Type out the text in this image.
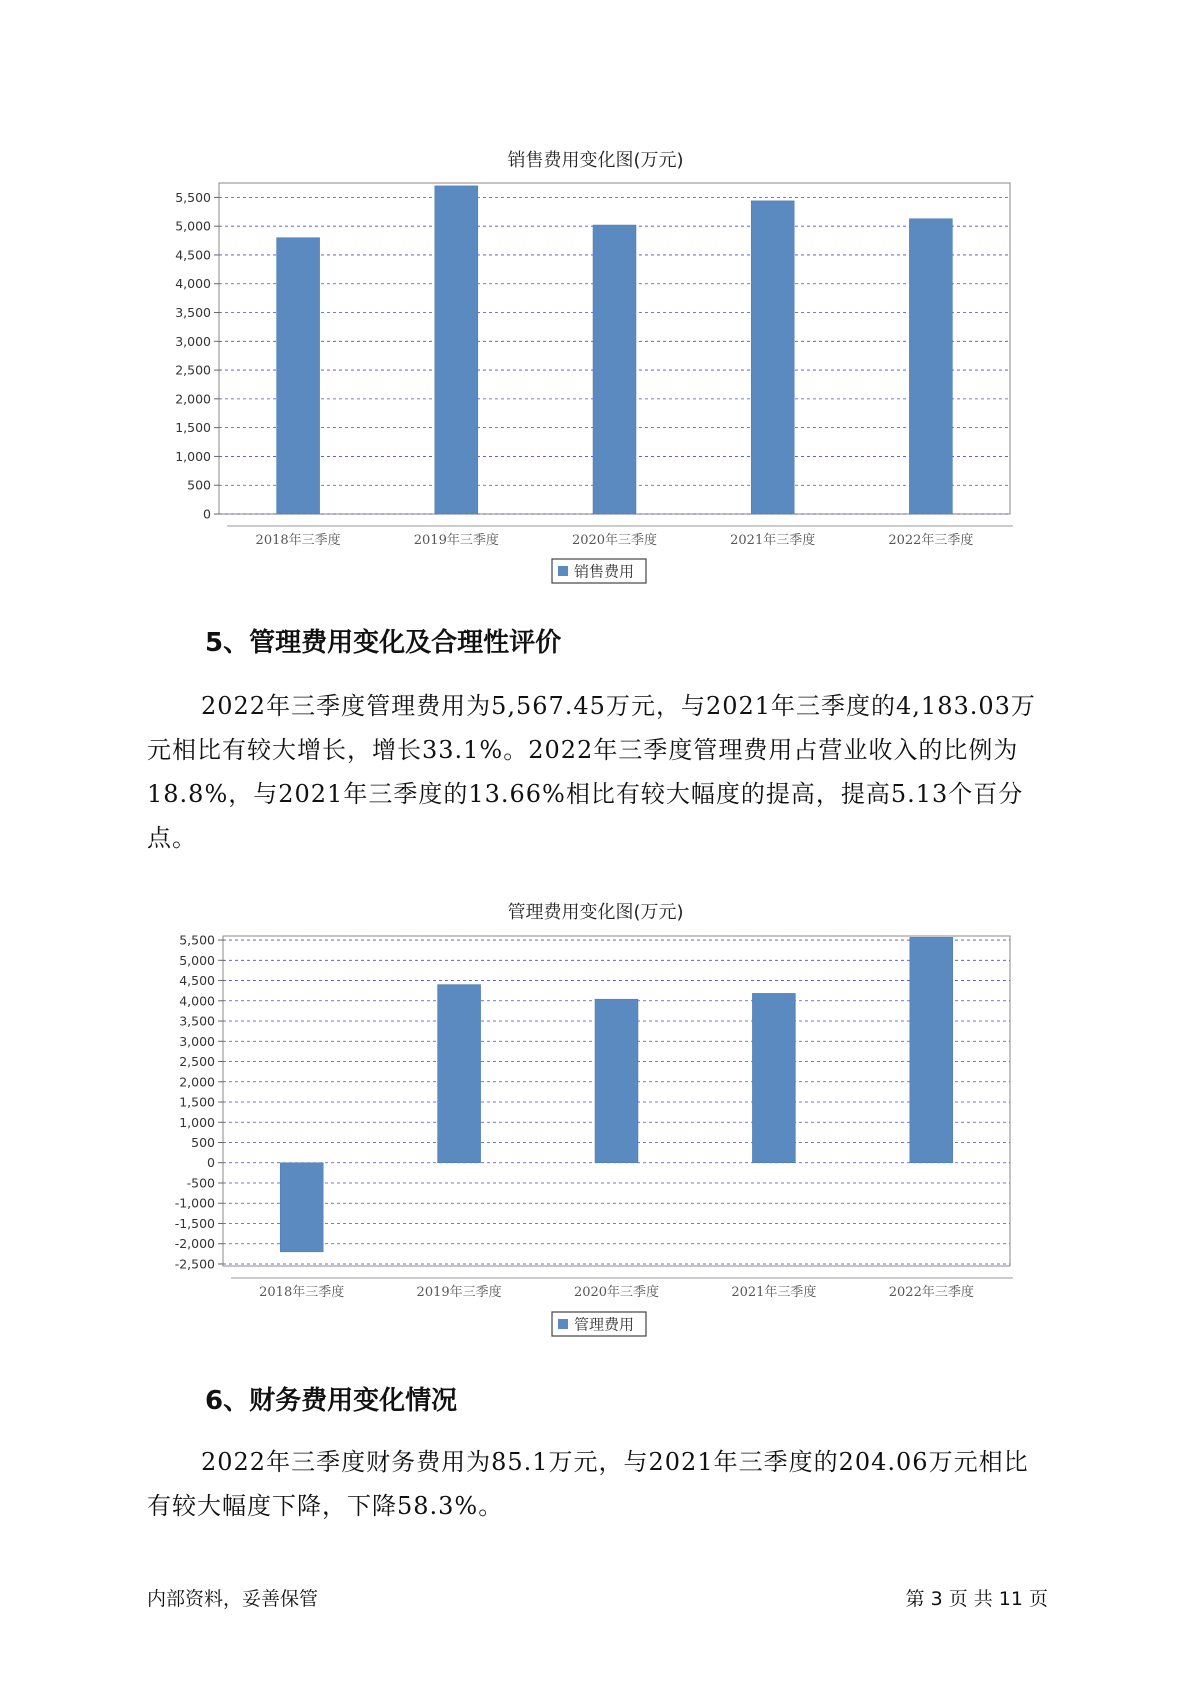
销售费用变化图(万元)
0
500
1,000
1,500
2,000
2,500
3,000
3,500
4,000
4,500
5,000
5,500
2018年三季度	2019年三季度	2020年三季度	2021年三季度	2022年三季度
销售费用
5、管理费用变化及合理性评价

2022年三季度管理费用为5,567.45万元，与2021年三季度的4,183.03万元相比有较大增长，增长33.1%。2022年三季度管理费用占营业收入的比例为18.8%，与2021年三季度的13.66%相比有较大幅度的提高，提高5.13个百分点。

管理费用变化图(万元)
-2,500
-2,000
-1,500
-1,000
-500
0
500
1,000
1,500
2,000
2,500
3,000
3,500
4,000
4,500
5,000
5,500
2018年三季度	2019年三季度	2020年三季度	2021年三季度	2022年三季度
管理费用
6、财务费用变化情况

2022年三季度财务费用为85.1万元，与2021年三季度的204.06万元相比有较大幅度下降，下降58.3%。

内部资料，妥善保管	第 3 页 共 11 页
